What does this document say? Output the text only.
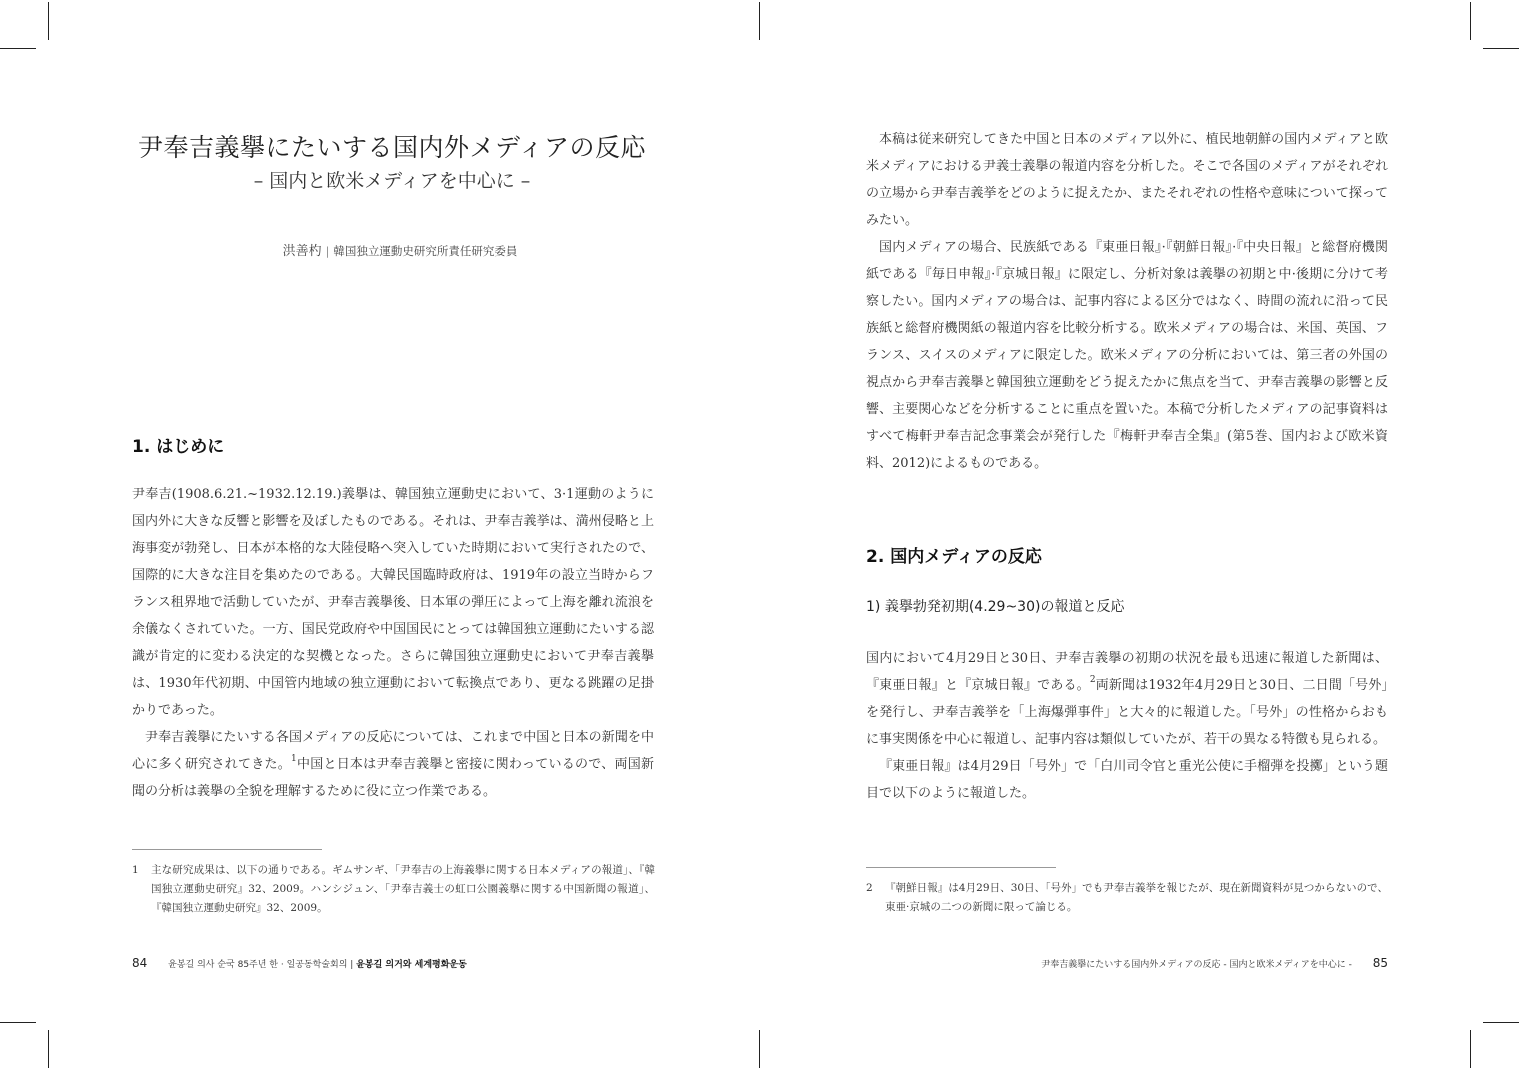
尹奉吉義擧にたいする国内外メディアの反応
– 国内と欧米メディアを中心に –
洪善杓 | 韓国独立運動史研究所責任研究委員
1. はじめに

尹奉吉(1908.6.21.~1932.12.19.)義擧は、韓国独立運動史において、3·1運動のように国内外に大きな反響と影響を及ぼしたものである。それは、尹奉吉義挙は、満州侵略と上海事変が勃発し、日本が本格的な大陸侵略へ突入していた時期において実行されたので、国際的に大きな注目を集めたのである。大韓民国臨時政府は、1919年の設立当時からフランス租界地で活動していたが、尹奉吉義擧後、日本軍の弾圧によって上海を離れ流浪を余儀なくされていた。一方、国民党政府や中国国民にとっては韓国独立運動にたいする認識が肯定的に変わる決定的な契機となった。さらに韓国独立運動史において尹奉吉義擧は、1930年代初期、中国管内地域の独立運動において転換点であり、更なる跳躍の足掛かりであった。

尹奉吉義擧にたいする各国メディアの反応については、これまで中国と日本の新聞を中心に多く研究されてきた。$^1$中国と日本は尹奉吉義擧と密接に関わっているので、両国新聞の分析は義擧の全貌を理解するために役に立つ作業である。

1	主な研究成果は、以下の通りである。ギムサンギ、「尹奉吉の上海義擧に関する日本メディアの報道」、『韓国独立運動史研究』32、2009。ハンシジュン、「尹奉吉義士の虹口公園義擧に関する中国新聞の報道」、『韓国独立運動史研究』32、2009。
84 윤봉길 의사 순국 85주년 한 · 일공동학술회의 | 윤봉길 의거와 세계평화운동

本稿は従来研究してきた中国と日本のメディア以外に、植民地朝鮮の国内メディアと欧米メディアにおける尹義士義擧の報道内容を分析した。そこで各国のメディアがそれぞれの立場から尹奉吉義挙をどのように捉えたか、またそれぞれの性格や意味について探ってみたい。

国内メディアの場合、民族紙である『東亜日報』·『朝鮮日報』·『中央日報』と総督府機関紙である『毎日申報』·『京城日報』に限定し、分析対象は義擧の初期と中·後期に分けて考察したい。国内メディアの場合は、記事内容による区分ではなく、時間の流れに沿って民族紙と総督府機関紙の報道内容を比較分析する。欧米メディアの場合は、米国、英国、フランス、スイスのメディアに限定した。欧米メディアの分析においては、第三者の外国の視点から尹奉吉義擧と韓国独立運動をどう捉えたかに焦点を当て、尹奉吉義擧の影響と反響、主要関心などを分析することに重点を置いた。本稿で分析したメディアの記事資料はすべて梅軒尹奉吉記念事業会が発行した『梅軒尹奉吉全集』(第5巻、国内および欧米資料、2012)によるものである。

2. 国内メディアの反応
1) 義擧勃発初期(4.29~30)の報道と反応

国内において4月29日と30日、尹奉吉義擧の初期の状況を最も迅速に報道した新聞は、『東亜日報』と『京城日報』である。$^2$両新聞は1932年4月29日と30日、二日間「号外」を発行し、尹奉吉義挙を「上海爆弾事件」と大々的に報道した。「号外」の性格からおもに事実関係を中心に報道し、記事内容は類似していたが、若干の異なる特徴も見られる。

『東亜日報』は4月29日「号外」で「白川司令官と重光公使に手榴弾を投擲」という題目で以下のように報道した。

2	『朝鮮日報』は4月29日、30日、「号外」でも尹奉吉義挙を報じたが、現在新聞資料が見つからないので、東亜·京城の二つの新聞に限って論じる。
尹奉吉義擧にたいする国内外メディアの反応 - 国内と欧米メディアを中心に - 85
